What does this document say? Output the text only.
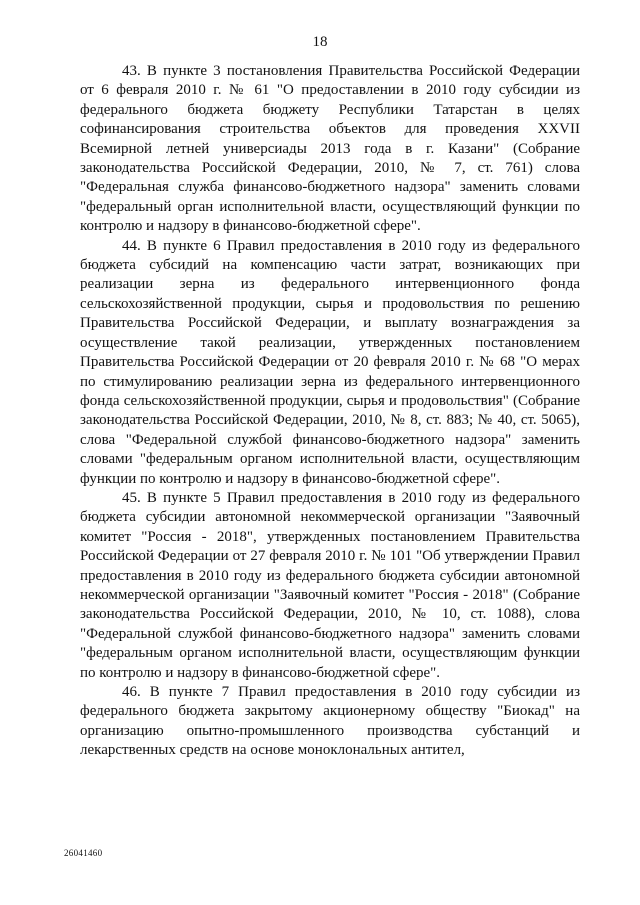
18

43. В пункте 3 постановления Правительства Российской Федерации от 6 февраля 2010 г. № 61 "О предоставлении в 2010 году субсидии из федерального бюджета бюджету Республики Татарстан в целях софинансирования строительства объектов для проведения XXVII Всемирной летней универсиады 2013 года в г. Казани" (Собрание законодательства Российской Федерации, 2010, № 7, ст. 761) слова "Федеральная служба финансово-бюджетного надзора" заменить словами "федеральный орган исполнительной власти, осуществляющий функции по контролю и надзору в финансово-бюджетной сфере".

44. В пункте 6 Правил предоставления в 2010 году из федерального бюджета субсидий на компенсацию части затрат, возникающих при реализации зерна из федерального интервенционного фонда сельскохозяйственной продукции, сырья и продовольствия по решению Правительства Российской Федерации, и выплату вознаграждения за осуществление такой реализации, утвержденных постановлением Правительства Российской Федерации от 20 февраля 2010 г. № 68 "О мерах по стимулированию реализации зерна из федерального интервенционного фонда сельскохозяйственной продукции, сырья и продовольствия" (Собрание законодательства Российской Федерации, 2010, № 8, ст. 883; № 40, ст. 5065), слова "Федеральной службой финансово-бюджетного надзора" заменить словами "федеральным органом исполнительной власти, осуществляющим функции по контролю и надзору в финансово-бюджетной сфере".

45. В пункте 5 Правил предоставления в 2010 году из федерального бюджета субсидии автономной некоммерческой организации "Заявочный комитет "Россия - 2018", утвержденных постановлением Правительства Российской Федерации от 27 февраля 2010 г. № 101 "Об утверждении Правил предоставления в 2010 году из федерального бюджета субсидии автономной некоммерческой организации "Заявочный комитет "Россия - 2018" (Собрание законодательства Российской Федерации, 2010, № 10, ст. 1088), слова "Федеральной службой финансово-бюджетного надзора" заменить словами "федеральным органом исполнительной власти, осуществляющим функции по контролю и надзору в финансово-бюджетной сфере".

46. В пункте 7 Правил предоставления в 2010 году субсидии из федерального бюджета закрытому акционерному обществу "Биокад" на организацию опытно-промышленного производства субстанций и лекарственных средств на основе моноклональных антител,

26041460
